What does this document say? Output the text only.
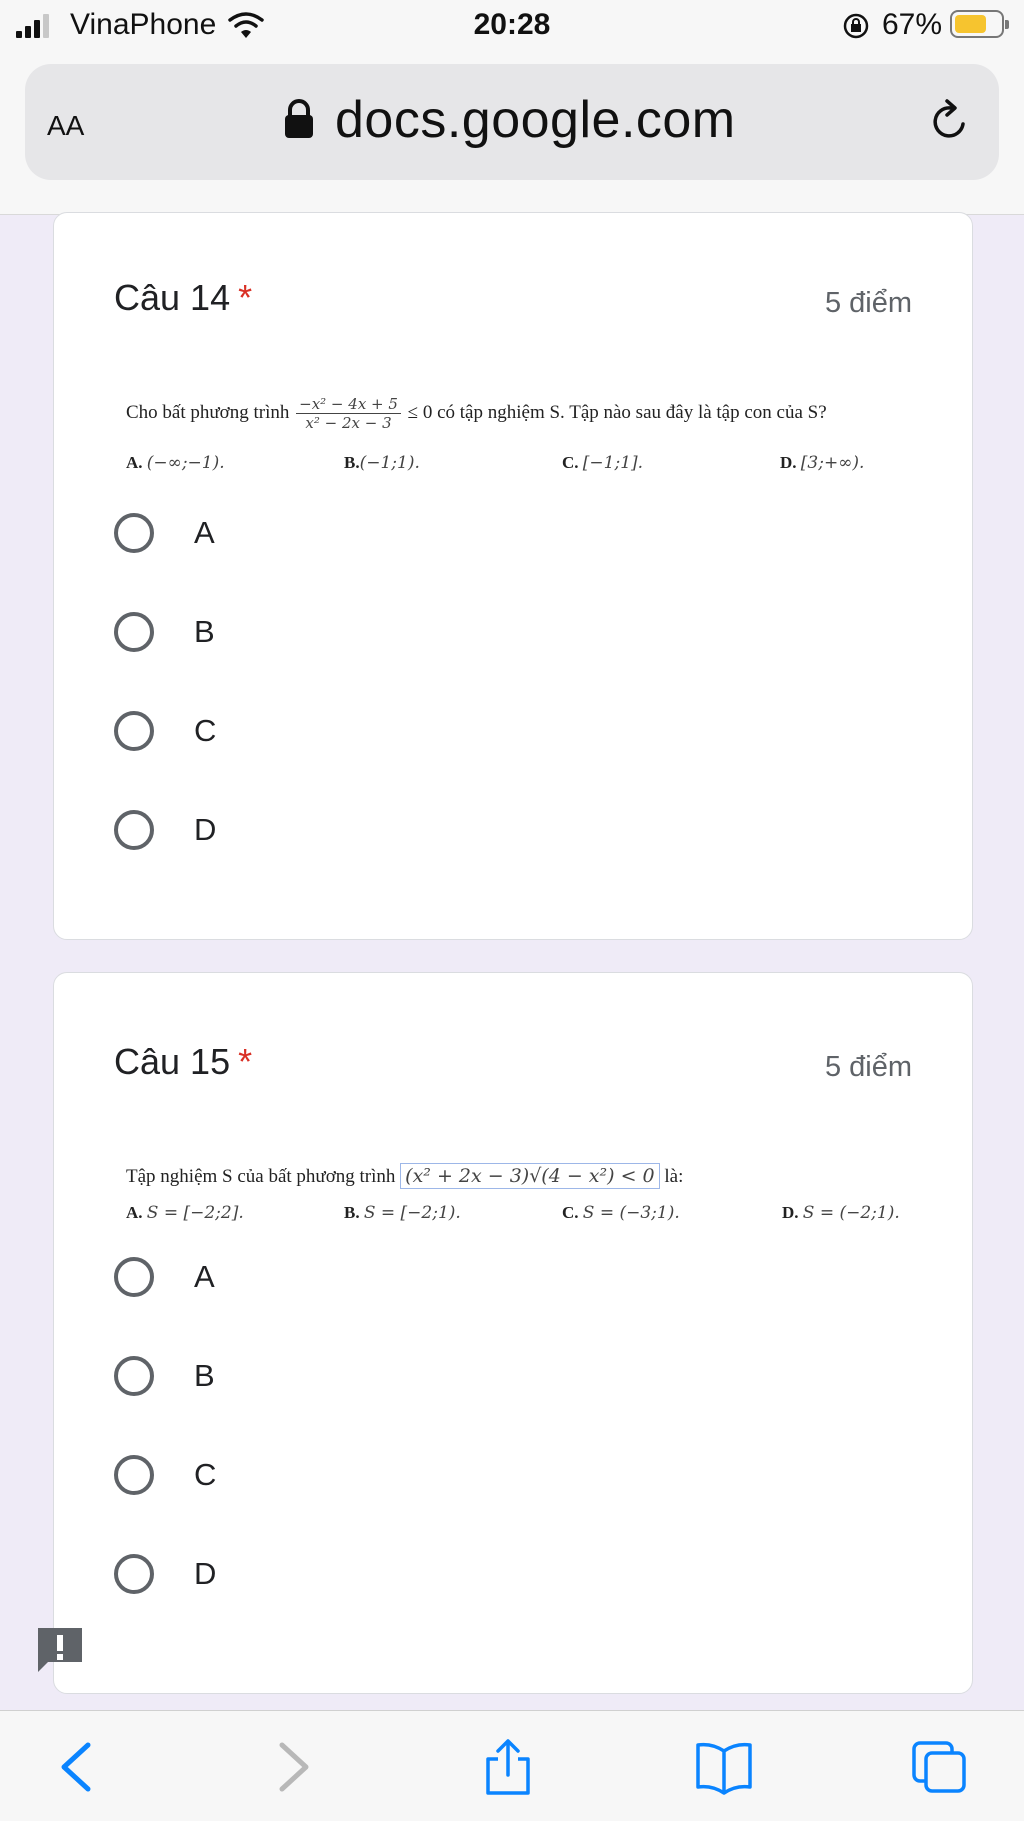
VinaPhone	20:28	67%
AA	docs.google.com
Câu 14 *	5 điểm
Cho bất phương trình $\frac{\text{−x² − 4x + 5}}{\text{x² − 2x − 3}} \le 0$ có tập nghiệm S. Tập nào sau đây là tập con của S?
A. (−∞;−1).	B.(−1;1).	C. [−1;1].	D. [3;+∞).
A
B
C
D
Câu 15 *	5 điểm
Tập nghiệm S của bất phương trình (x² + 2x − 3)√(4 − x²) < 0 là:
A. S = [−2;2].	B. S = [−2;1).	C. S = (−3;1).	D. S = (−2;1).
A
B
C
D
